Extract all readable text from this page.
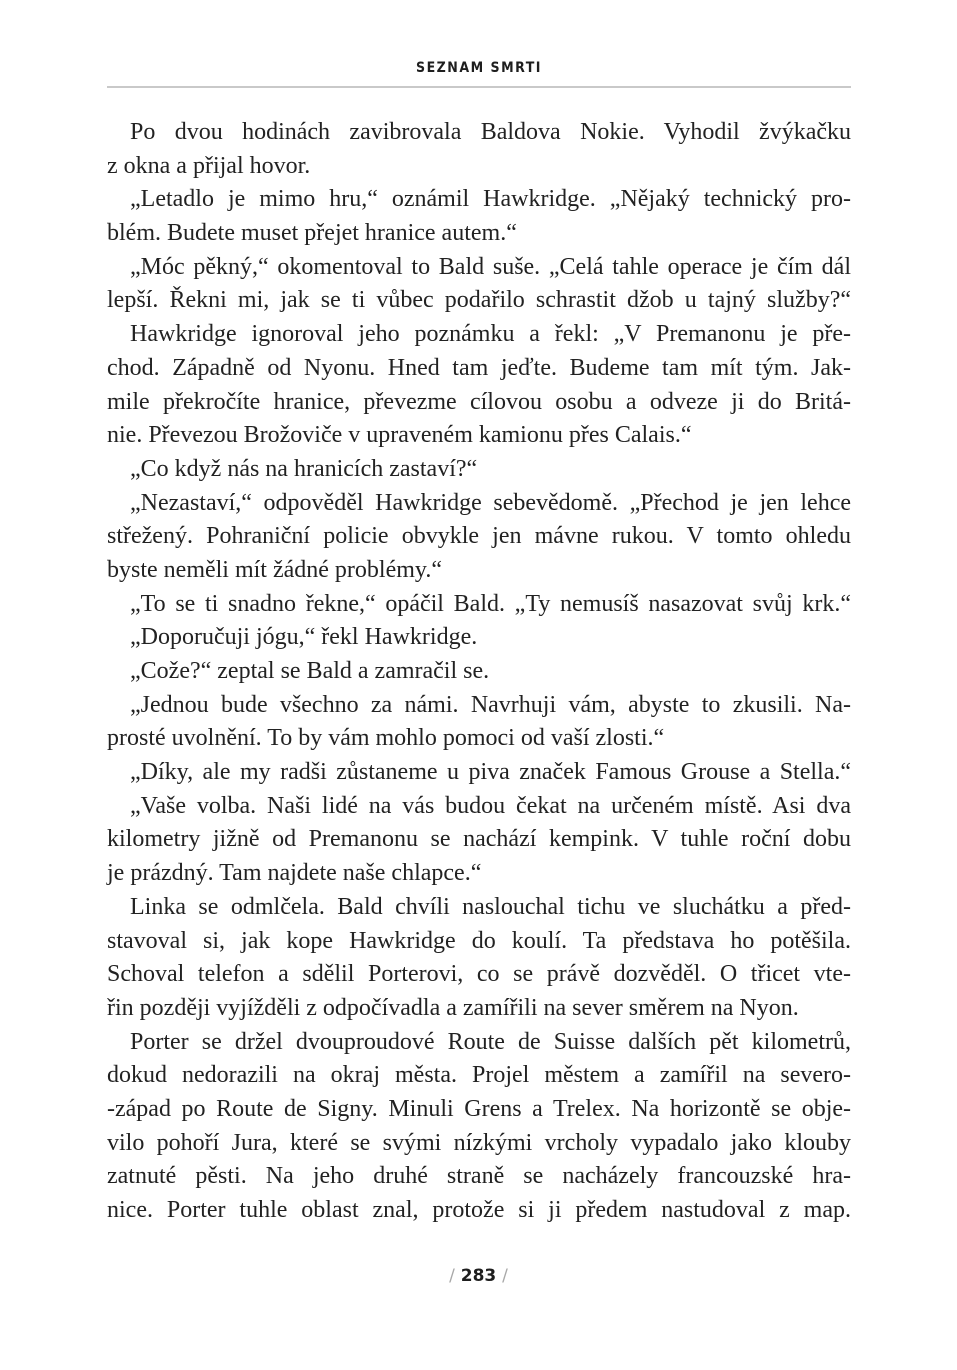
SEZNAM SMRTI
Po dvou hodinách zavibrovala Baldova Nokie. Vyhodil žvýkačku
z okna a přijal hovor.
„Letadlo je mimo hru,“ oznámil Hawkridge. „Nějaký technický pro-
blém. Budete muset přejet hranice autem.“
„Móc pěkný,“ okomentoval to Bald suše. „Celá tahle operace je čím dál
lepší. Řekni mi, jak se ti vůbec podařilo schrastit džob u tajný služby?“
Hawkridge ignoroval jeho poznámku a řekl: „V Premanonu je pře-
chod. Západně od Nyonu. Hned tam jeďte. Budeme tam mít tým. Jak-
mile překročíte hranice, převezme cílovou osobu a odveze ji do Britá-
nie. Převezou Brožoviče v upraveném kamionu přes Calais.“
„Co když nás na hranicích zastaví?“
„Nezastaví,“ odpověděl Hawkridge sebevědomě. „Přechod je jen lehce
střežený. Pohraniční policie obvykle jen mávne rukou. V tomto ohledu
byste neměli mít žádné problémy.“
„To se ti snadno řekne,“ opáčil Bald. „Ty nemusíš nasazovat svůj krk.“
„Doporučuji jógu,“ řekl Hawkridge.
„Cože?“ zeptal se Bald a zamračil se.
„Jednou bude všechno za námi. Navrhuji vám, abyste to zkusili. Na-
prosté uvolnění. To by vám mohlo pomoci od vaší zlosti.“
„Díky, ale my radši zůstaneme u piva značek Famous Grouse a Stella.“
„Vaše volba. Naši lidé na vás budou čekat na určeném místě. Asi dva
kilometry jižně od Premanonu se nachází kempink. V tuhle roční dobu
je prázdný. Tam najdete naše chlapce.“
Linka se odmlčela. Bald chvíli naslouchal tichu ve sluchátku a před-
stavoval si, jak kope Hawkridge do koulí. Ta představa ho potěšila.
Schoval telefon a sdělil Porterovi, co se právě dozvěděl. O třicet vte-
řin později vyjížděli z odpočívadla a zamířili na sever směrem na Nyon.
Porter se držel dvouproudové Route de Suisse dalších pět kilometrů,
dokud nedorazili na okraj města. Projel městem a zamířil na severo-
-západ po Route de Signy. Minuli Grens a Trelex. Na horizontě se obje-
vilo pohoří Jura, které se svými nízkými vrcholy vypadalo jako klouby
zatnuté pěsti. Na jeho druhé straně se nacházely francouzské hra-
nice. Porter tuhle oblast znal, protože si ji předem nastudoval z map.
/ 283 /
